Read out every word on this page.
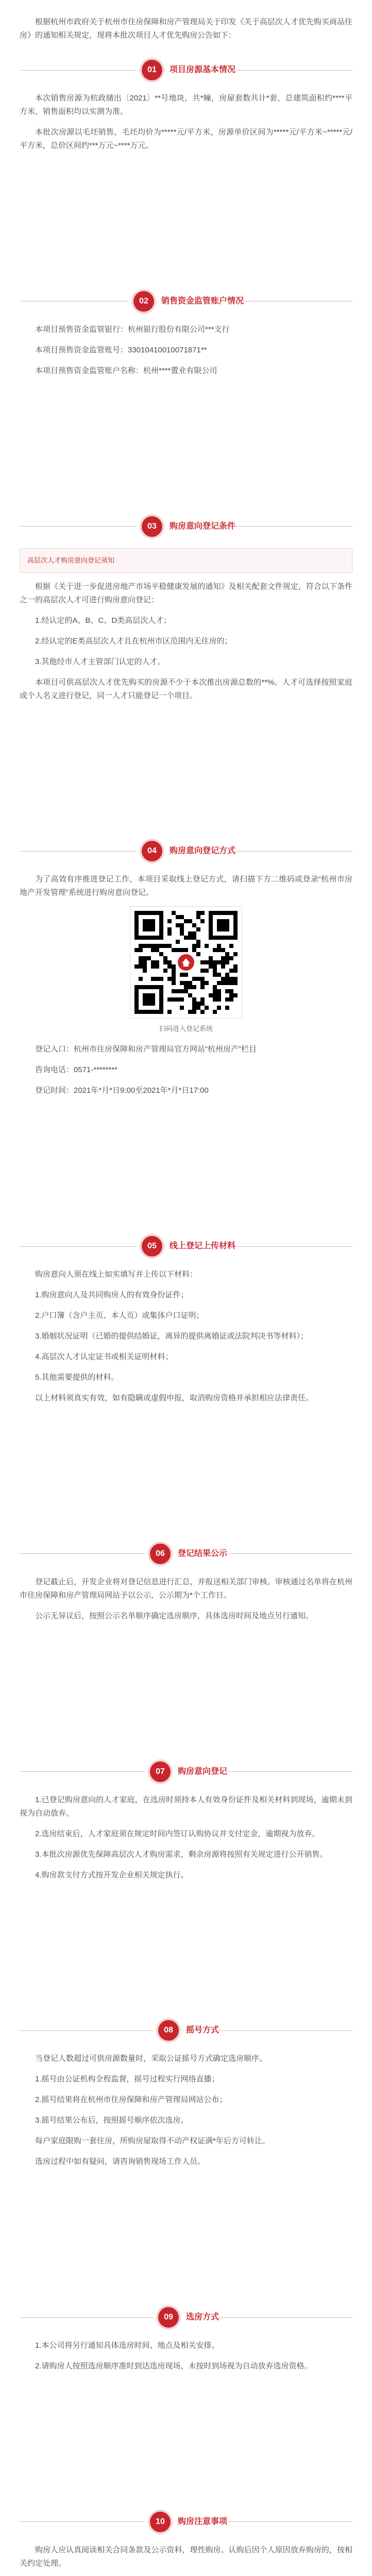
根据杭州市政府关于杭州市住房保障和房产管理局关于印发《关于高层次人才优先购买商品住房》的通知相关规定，现将本批次项目人才优先购房公告如下：

01	项目房源基本情况

本次销售房源为杭政储出〔2021〕**号地块，共*幢，房屋套数共计*套，总建筑面积约****平方米，销售面积均以实测为准。

本批次房源以毛坯销售，毛坯均价为*****元/平方米，房源单价区间为*****元/平方米~*****元/平方米，总价区间约***万元~****万元。

02	销售资金监管账户情况

本项目预售资金监管银行：杭州银行股份有限公司***支行

本项目预售资金监管账号：33010410010071871**

本项目预售资金监管账户名称：杭州****置业有限公司

03	购房意向登记条件
高层次人才购房意向登记须知

根据《关于进一步促进房地产市场平稳健康发展的通知》及相关配套文件规定，符合以下条件之一的高层次人才可进行购房意向登记：

1.经认定的A、B、C、D类高层次人才；

2.经认定的E类高层次人才且在杭州市区范围内无住房的；

3.其他经市人才主管部门认定的人才。

本项目可供高层次人才优先购买的房源不少于本次推出房源总数的**%。人才可选择按照家庭或个人名义进行登记，同一人才只能登记一个项目。

04	购房意向登记方式

为了高效有序推进登记工作，本项目采取线上登记方式，请扫描下方二维码或登录“杭州市房地产开发管理”系统进行购房意向登记。

扫码进入登记系统

登记入口：杭州市住房保障和房产管理局官方网站“杭州房产”栏目

咨询电话：0571-********

登记时间：2021年*月*日9:00至2021年*月*日17:00

05	线上登记上传材料

购房意向人须在线上如实填写并上传以下材料：

1.购房意向人及共同购房人的有效身份证件；

2.户口簿（含户主页、本人页）或集体户口证明；

3.婚姻状况证明（已婚的提供结婚证，离异的提供离婚证或法院判决书等材料）；

4.高层次人才认定证书或相关证明材料；

5.其他需要提供的材料。

以上材料须真实有效，如有隐瞒或虚假申报，取消购房资格并承担相应法律责任。

06	登记结果公示

登记截止后，开发企业将对登记信息进行汇总，并报送相关部门审核。审核通过名单将在杭州市住房保障和房产管理局网站予以公示，公示期为*个工作日。

公示无异议后，按照公示名单顺序确定选房顺序，具体选房时间及地点另行通知。

07	购房意向登记

1.已登记购房意向的人才家庭，在选房时须持本人有效身份证件及相关材料到现场，逾期未到视为自动放弃。

2.选房结束后，人才家庭须在规定时间内签订认购协议并支付定金，逾期视为放弃。

3.本批次房源优先保障高层次人才购房需求，剩余房源将按照有关规定进行公开销售。

4.购房款支付方式按开发企业相关规定执行。

08	摇号方式

当登记人数超过可供房源数量时，采取公证摇号方式确定选房顺序。

1.摇号由公证机构全程监督，摇号过程实行网络直播；

2.摇号结果将在杭州市住房保障和房产管理局网站公布；

3.摇号结果公布后，按照摇号顺序依次选房。

每户家庭限购一套住房，所购房屋取得不动产权证满*年后方可转让。

选房过程中如有疑问，请咨询销售现场工作人员。

09	选房方式

1.本公司将另行通知具体选房时间、地点及相关安排。

2.请购房人按照选房顺序准时到达选房现场，未按时到场视为自动放弃选房资格。

10	购房注意事项

购房人应认真阅读相关合同条款及公示资料，理性购房。认购后因个人原因放弃购房的，按相关约定处理。
